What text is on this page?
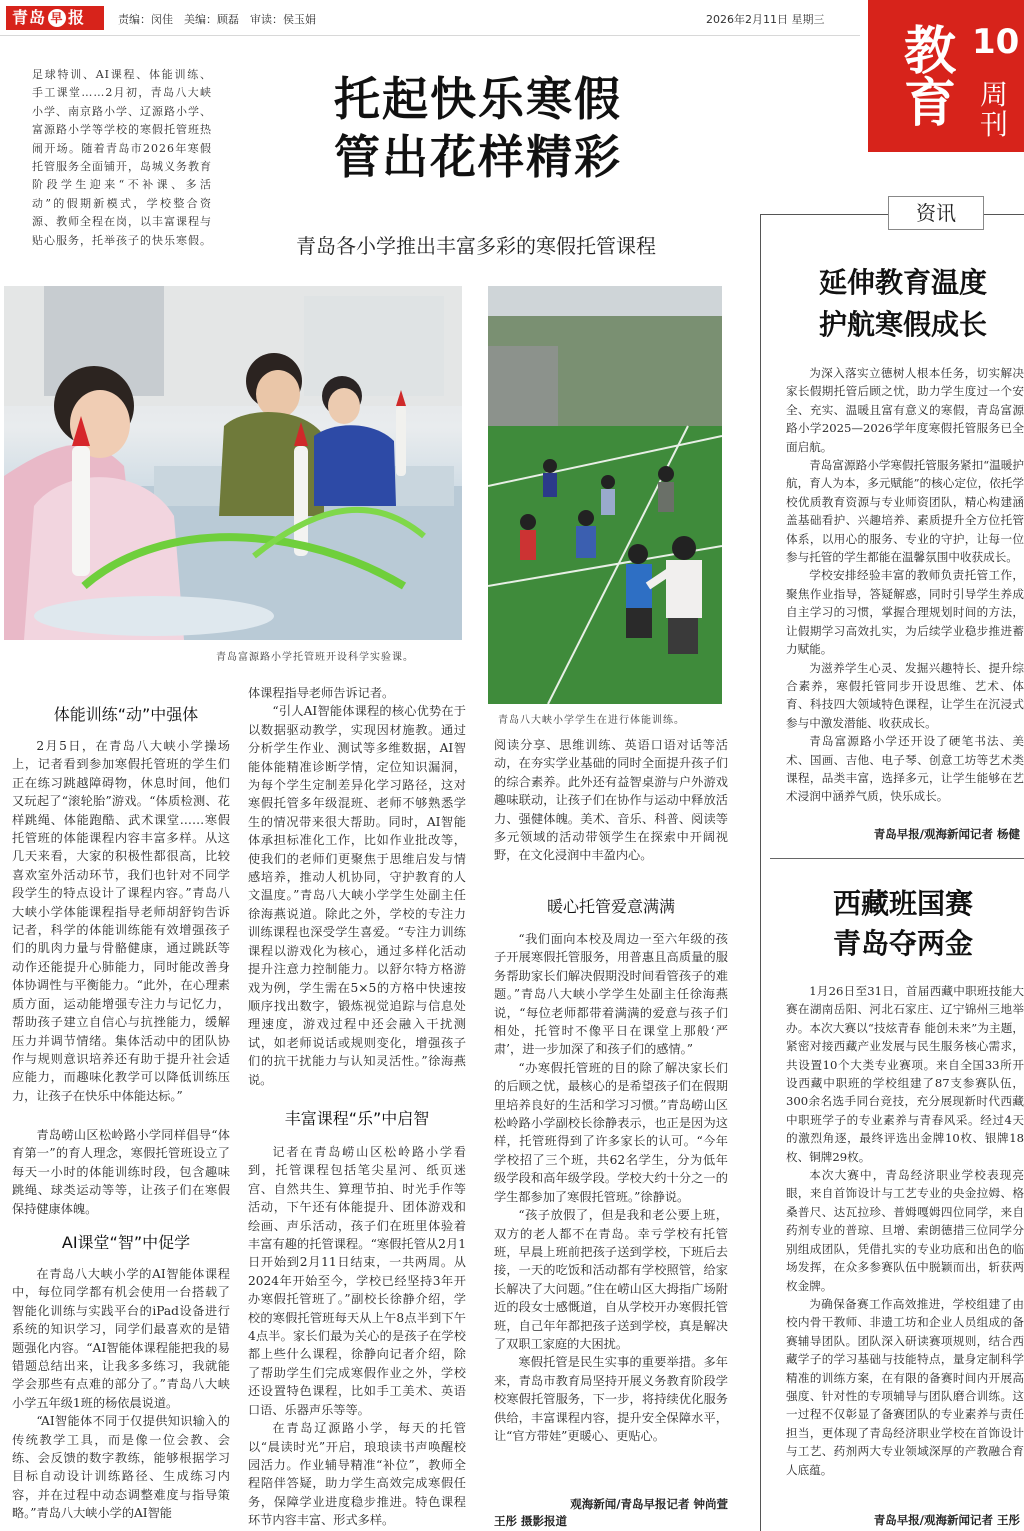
青岛 早 报	责编：闵佳 美编：顾磊 审读：侯玉娟	2026年2月11日 星期三
教育
10
周刊
足球特训、AI课程、体能训练、手工课堂……2月初，青岛八大峡小学、南京路小学、辽源路小学、富源路小学等学校的寒假托管班热闹开场。随着青岛市2026年寒假托管服务全面铺开，岛城义务教育阶段学生迎来“不补课、多活动”的假期新模式，学校整合资源、教师全程在岗，以丰富课程与贴心服务，托举孩子的快乐寒假。
托起快乐寒假
管出花样精彩
青岛各小学推出丰富多彩的寒假托管课程
青岛富源路小学托管班开设科学实验课。
青岛八大峡小学学生在进行体能训练。
体能训练“动”中强体

2月5日，在青岛八大峡小学操场上，记者看到参加寒假托管班的学生们正在练习跳越障碍物，休息时间，他们又玩起了“滚轮胎”游戏。“体质检测、花样跳绳、体能跑酷、武术课堂……寒假托管班的体能课程内容丰富多样。从这几天来看，大家的积极性都很高，比较喜欢室外活动环节，我们也针对不同学段学生的特点设计了课程内容。”青岛八大峡小学体能课程指导老师胡舒钧告诉记者，科学的体能训练能有效增强孩子们的肌肉力量与骨骼健康，通过跳跃等动作还能提升心肺能力，同时能改善身体协调性与平衡能力。“此外，在心理素质方面，运动能增强专注力与记忆力，帮助孩子建立自信心与抗挫能力，缓解压力并调节情绪。集体活动中的团队协作与规则意识培养还有助于提升社会适应能力，而趣味化教学可以降低训练压力，让孩子在快乐中体能达标。”

青岛崂山区松岭路小学同样倡导“体育第一”的育人理念，寒假托管班设立了每天一小时的体能训练时段，包含趣味跳绳、球类运动等等，让孩子们在寒假保持健康体魄。

AI课堂“智”中促学

在青岛八大峡小学的AI智能体课程中，每位同学都有机会使用一台搭载了智能化训练与实践平台的iPad设备进行系统的知识学习，同学们最喜欢的是错题强化内容。“AI智能体课程能把我的易错题总结出来，让我多多练习，我就能学会那些有点难的部分了。”青岛八大峡小学五年级1班的杨依晨说道。

“AI智能体不同于仅提供知识输入的传统教学工具，而是像一位会教、会练、会反馈的数字教练，能够根据学习目标自动设计训练路径、生成练习内容，并在过程中动态调整难度与指导策略。”青岛八大峡小学的AI智能

体课程指导老师告诉记者。

“引人AI智能体课程的核心优势在于以数据驱动教学，实现因材施教。通过分析学生作业、测试等多维数据，AI智能体能精准诊断学情，定位知识漏洞，为每个学生定制差异化学习路径，这对寒假托管多年级混班、老师不够熟悉学生的情况带来很大帮助。同时，AI智能体承担标准化工作，比如作业批改等，使我们的老师们更聚焦于思维启发与情感培养，推动人机协同，守护教育的人文温度。”青岛八大峡小学学生处副主任徐海燕说道。除此之外，学校的专注力训练课程也深受学生喜爱。“专注力训练课程以游戏化为核心，通过多样化活动提升注意力控制能力。以舒尔特方格游戏为例，学生需在5×5的方格中快速按顺序找出数字，锻炼视觉追踪与信息处理速度，游戏过程中还会融入干扰测试，如老师说话或规则变化，增强孩子们的抗干扰能力与认知灵活性。”徐海燕说。

丰富课程“乐”中启智

记者在青岛崂山区松岭路小学看到，托管课程包括笔尖星河、纸页迷宫、自然共生、算理节拍、时光手作等活动，下午还有体能提升、团体游戏和绘画、声乐活动，孩子们在班里体验着丰富有趣的托管课程。“寒假托管从2月1日开始到2月11日结束，一共两周。从2024年开始至今，学校已经坚持3年开办寒假托管班了。”副校长徐静介绍，学校的寒假托管班每天从上午8点半到下午4点半。家长们最为关心的是孩子在学校都上些什么课程，徐静向记者介绍，除了帮助学生们完成寒假作业之外，学校还设置特色课程，比如手工美术、英语口语、乐器声乐等等。

在青岛辽源路小学，每天的托管以“晨读时光”开启，琅琅读书声唤醒校园活力。作业辅导精准“补位”，教师全程陪伴答疑，助力学生高效完成寒假任务，保障学业进度稳步推进。特色课程环节内容丰富、形式多样。

阅读分享、思维训练、英语口语对话等活动，在夯实学业基础的同时全面提升孩子们的综合素养。此外还有益智桌游与户外游戏趣味联动，让孩子们在协作与运动中释放活力、强健体魄。美术、音乐、科普、阅读等多元领域的活动带领学生在探索中开阔视野，在文化浸润中丰盈内心。

暖心托管爱意满满

“我们面向本校及周边一至六年级的孩子开展寒假托管服务，用普惠且高质量的服务帮助家长们解决假期没时间看管孩子的难题。”青岛八大峡小学学生处副主任徐海燕说，“每位老师都带着满满的爱意与孩子们相处，托管时不像平日在课堂上那般‘严肃’，进一步加深了和孩子们的感情。”

“办寒假托管班的目的除了解决家长们的后顾之忧，最核心的是希望孩子们在假期里培养良好的生活和学习习惯。”青岛崂山区松岭路小学副校长徐静表示，也正是因为这样，托管班得到了许多家长的认可。“今年学校招了三个班，共62名学生，分为低年级学段和高年级学段。学校大约十分之一的学生都参加了寒假托管班。”徐静说。

“孩子放假了，但是我和老公要上班，双方的老人都不在青岛。幸亏学校有托管班，早晨上班前把孩子送到学校，下班后去接，一天的吃饭和活动都有学校照管，给家长解决了大问题。”住在崂山区大拇指广场附近的段女士感慨道，自从学校开办寒假托管班，自己年年都把孩子送到学校，真是解决了双职工家庭的大困扰。

寒假托管是民生实事的重要举措。多年来，青岛市教育局坚持开展义务教育阶段学校寒假托管服务，下一步，将持续优化服务供给，丰富课程内容，提升安全保障水平，让“官方带娃”更暖心、更贴心。

观海新闻/青岛早报记者 钟尚萱
王彤 摄影报道
资讯
延伸教育温度
护航寒假成长

为深入落实立德树人根本任务，切实解决家长假期托管后顾之忧，助力学生度过一个安全、充实、温暖且富有意义的寒假，青岛富源路小学2025—2026学年度寒假托管服务已全面启航。

青岛富源路小学寒假托管服务紧扣“温暖护航，育人为本，多元赋能”的核心定位，依托学校优质教育资源与专业师资团队，精心构建涵盖基础看护、兴趣培养、素质提升全方位托管体系，以用心的服务、专业的守护，让每一位参与托管的学生都能在温馨氛围中收获成长。

学校安排经验丰富的教师负责托管工作，聚焦作业指导，答疑解惑，同时引导学生养成自主学习的习惯，掌握合理规划时间的方法，让假期学习高效扎实，为后续学业稳步推进蓄力赋能。

为滋养学生心灵、发掘兴趣特长、提升综合素养，寒假托管同步开设思维、艺术、体育、科技四大领域特色课程，让学生在沉浸式参与中激发潜能、收获成长。

青岛富源路小学还开设了硬笔书法、美术、国画、吉他、电子琴、创意工坊等艺术类课程，品类丰富，选择多元，让学生能够在艺术浸润中涵养气质，快乐成长。

青岛早报/观海新闻记者 杨健
西藏班国赛
青岛夺两金

1月26日至31日，首届西藏中职班技能大赛在湖南岳阳、河北石家庄、辽宁锦州三地举办。本次大赛以“技炫青春 能创未来”为主题，紧密对接西藏产业发展与民生服务核心需求，共设置10个大类专业赛项。来自全国33所开设西藏中职班的学校组建了87支参赛队伍，300余名选手同台竞技，充分展现新时代西藏中职班学子的专业素养与青春风采。经过4天的激烈角逐，最终评选出金牌10枚、银牌18枚、铜牌29枚。

本次大赛中，青岛经济职业学校表现亮眼，来自首饰设计与工艺专业的央金拉姆、格桑普尺、达瓦拉珍、普姆嘎姆四位同学，来自药剂专业的普琼、旦增、索朗德措三位同学分别组成团队，凭借扎实的专业功底和出色的临场发挥，在众多参赛队伍中脱颖而出，斩获两枚金牌。

为确保备赛工作高效推进，学校组建了由校内骨干教师、非遗工坊和企业人员组成的备赛辅导团队。团队深入研读赛项规则，结合西藏学子的学习基础与技能特点，量身定制科学精准的训练方案，在有限的备赛时间内开展高强度、针对性的专项辅导与团队磨合训练。这一过程不仅彰显了备赛团队的专业素养与责任担当，更体现了青岛经济职业学校在首饰设计与工艺、药剂两大专业领域深厚的产教融合育人底蕴。

青岛早报/观海新闻记者 王彤
